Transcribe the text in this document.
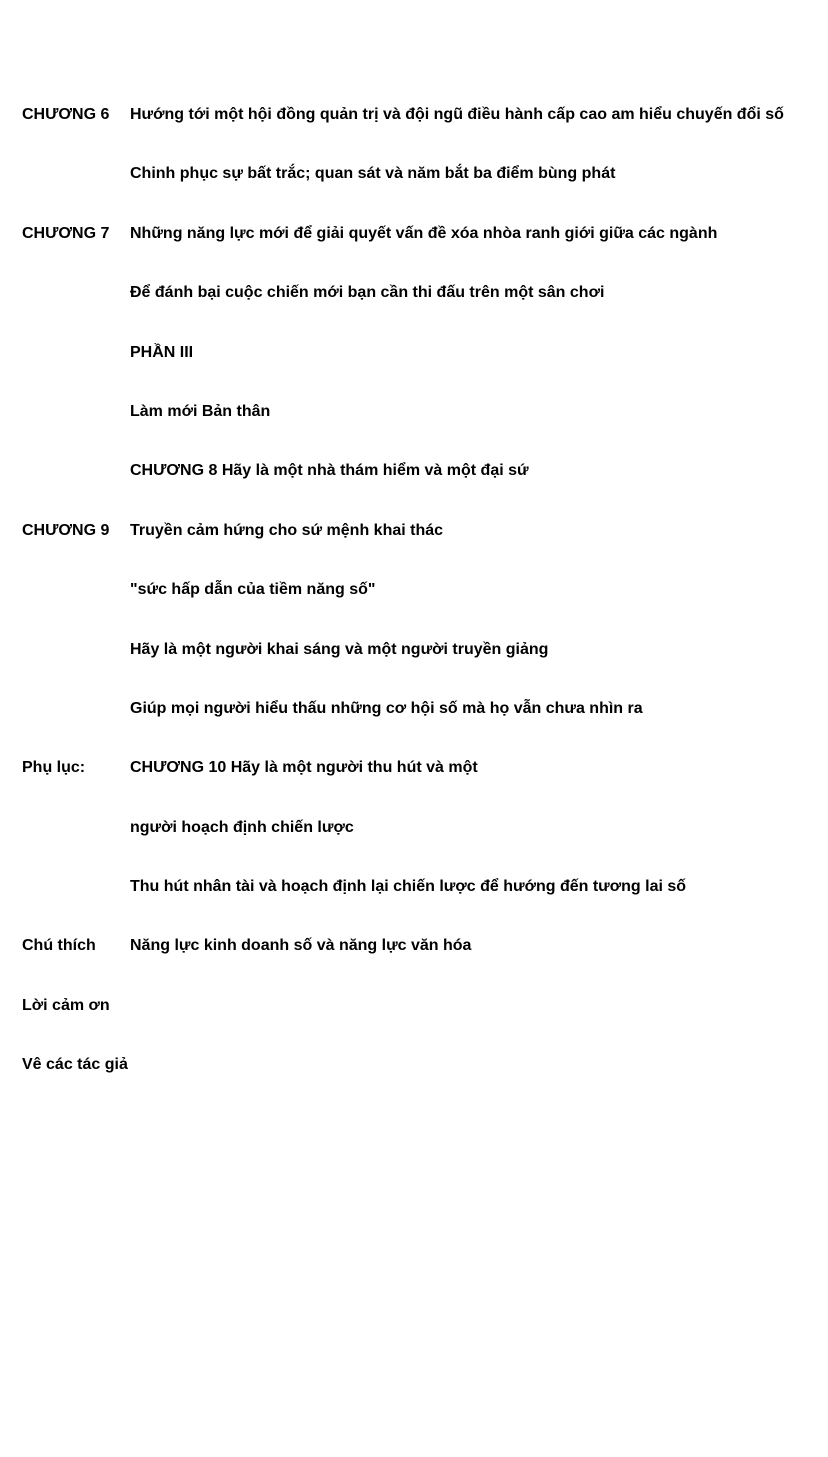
CHƯƠNG 6	Hướng tới một hội đồng quản trị và đội ngũ điều hành cấp cao am hiểu chuyến đổi số
Chinh phục sự bất trắc; quan sát và năm bắt ba điểm bùng phát
CHƯƠNG 7	Những năng lực mới để giải quyết vấn đề xóa nhòa ranh giới giữa các ngành
Để đánh bại cuộc chiến mới bạn cần thi đấu trên một sân chơi
PHẦN III
Làm mới Bản thân
CHƯƠNG 8 Hãy là một nhà thám hiểm và một đại sứ
CHƯƠNG 9	Truyền cảm hứng cho sứ mệnh khai thác
"sức hấp dẫn của tiềm năng số"
Hãy là một người khai sáng và một người truyền giảng
Giúp mọi người hiểu thấu những cơ hội số mà họ vẫn chưa nhìn ra
Phụ lục:	CHƯƠNG 10 Hãy là một người thu hút và một
người hoạch định chiến lược
Thu hút nhân tài và hoạch định lại chiến lược để hướng đến tương lai số
Chú thích	Năng lực kinh doanh số và năng lực văn hóa
Lời cảm ơn
Vê các tác giả
